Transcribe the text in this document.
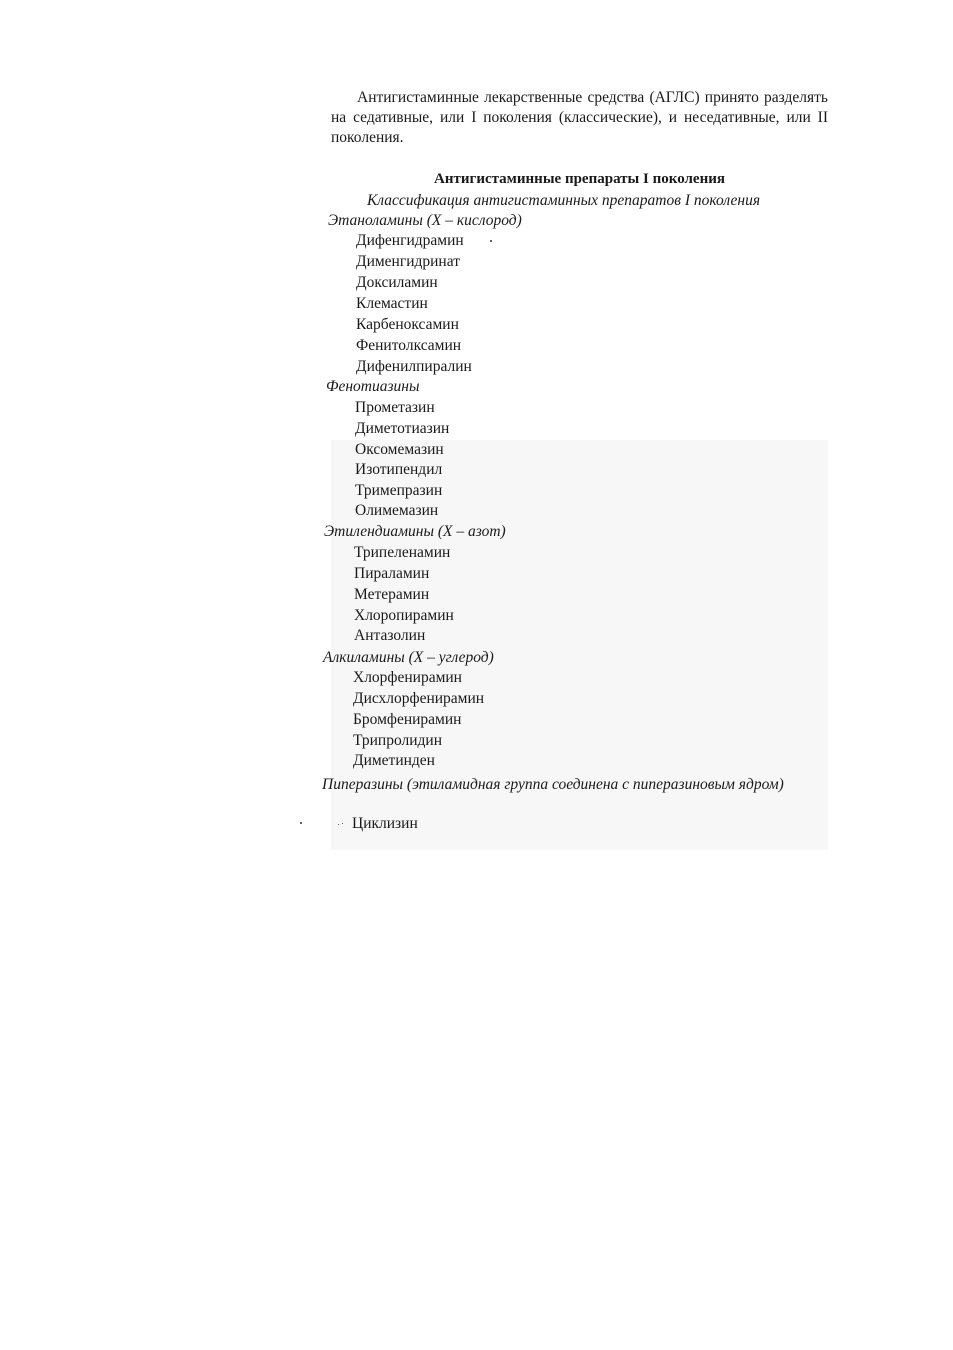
Антигистаминные лекарственные средства (АГЛС) принято разделять на седативные, или I поколения (классические), и неседативные, или II поколения.

Антигистаминные препараты I поколения
Классификация антигистаминных препаратов I поколения
Этаноламины (Х – кислород)
Дифенгидрамин
Дименгидринат
Доксиламин
Клемастин
Карбеноксамин
Фенитолксамин
Дифенилпиралин
Фенотиазины
Прометазин
Диметотиазин
Оксомемазин
Изотипендил
Тримепразин
Олимемазин
Этилендиамины (Х – азот)
Трипеленамин
Пираламин
Метерамин
Хлоропирамин
Антазолин
Алкиламины (Х – углерод)
Хлорфенирамин
Дисхлорфенирамин
Бромфенирамин
Трипролидин
Диметинден
Пиперазины (этиламидная группа соединена с пиперазиновым ядром)
Циклизин
